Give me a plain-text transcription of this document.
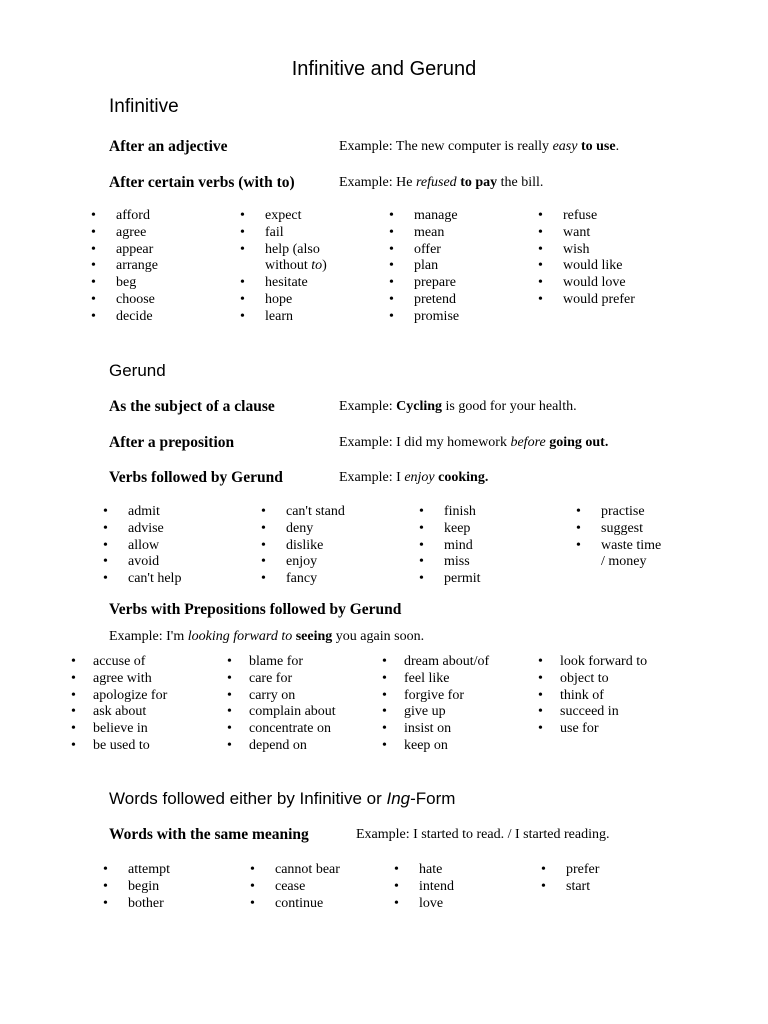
Infinitive and Gerund
Infinitive
After an adjective	Example: The new computer is really easy to use.
After certain verbs (with to)	Example: He refused to pay the bill.
• afford
• agree
• appear
• arrange
• beg
• choose
• decide
• expect
• fail
• help (also
without to)
• hesitate
• hope
• learn
• manage
• mean
• offer
• plan
• prepare
• pretend
• promise
• refuse
• want
• wish
• would like
• would love
• would prefer
Gerund
As the subject of a clause	Example: Cycling is good for your health.
After a preposition	Example: I did my homework before going out.
Verbs followed by Gerund	Example: I enjoy cooking.
• admit
• advise
• allow
• avoid
• can't help
• can't stand
• deny
• dislike
• enjoy
• fancy
• finish
• keep
• mind
• miss
• permit
• practise
• suggest
• waste time
/ money
Verbs with Prepositions followed by Gerund
Example: I'm looking forward to seeing you again soon.
• accuse of
• agree with
• apologize for
• ask about
• believe in
• be used to
• blame for
• care for
• carry on
• complain about
• concentrate on
• depend on
• dream about/of
• feel like
• forgive for
• give up
• insist on
• keep on
• look forward to
• object to
• think of
• succeed in
• use for
Words followed either by Infinitive or Ing-Form
Words with the same meaning	Example: I started to read. / I started reading.
• attempt
• begin
• bother
• cannot bear
• cease
• continue
• hate
• intend
• love
• prefer
• start
